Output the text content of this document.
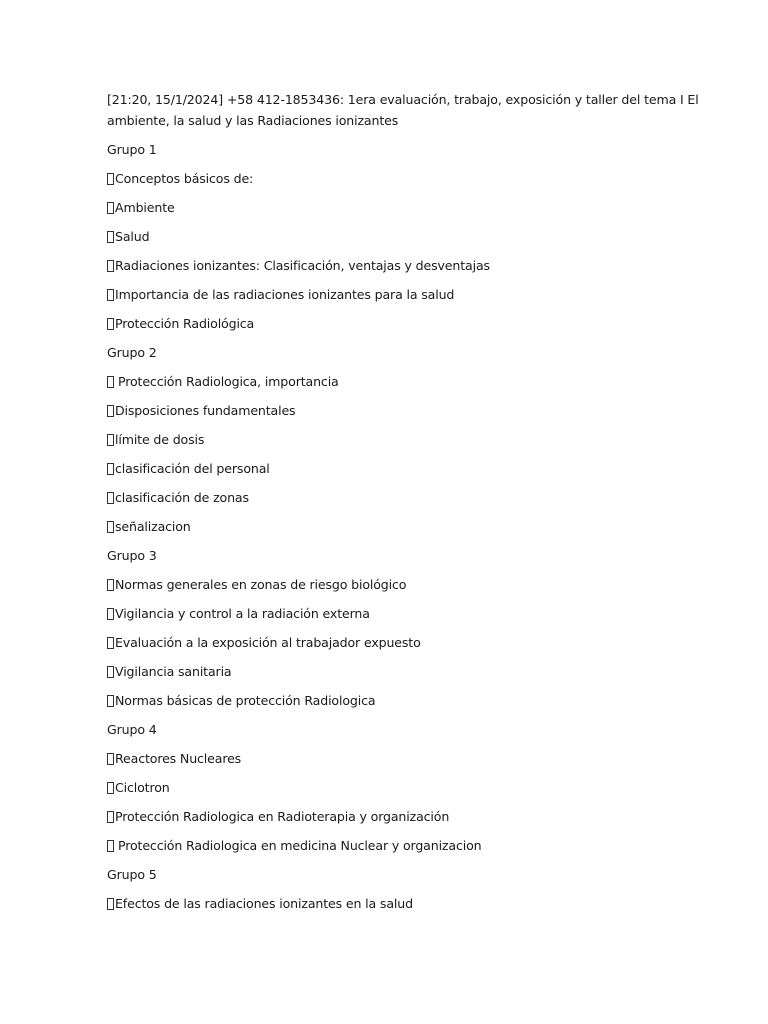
[21:20, 15/1/2024] +58 412-1853436: 1era evaluación, trabajo, exposición y taller del tema I El
ambiente, la salud y las Radiaciones ionizantes
Grupo 1
Conceptos básicos de:
Ambiente
Salud
Radiaciones ionizantes: Clasificación, ventajas y desventajas
Importancia de las radiaciones ionizantes para la salud
Protección Radiológica
Grupo 2
Protección Radiologica, importancia
Disposiciones fundamentales
límite de dosis
clasificación del personal
clasificación de zonas
señalizacion
Grupo 3
Normas generales en zonas de riesgo biológico
Vigilancia y control a la radiación externa
Evaluación a la exposición al trabajador expuesto
Vigilancia sanitaria
Normas básicas de protección Radiologica
Grupo 4
Reactores Nucleares
Ciclotron
Protección Radiologica en Radioterapia y organización
Protección Radiologica en medicina Nuclear y organizacion
Grupo 5
Efectos de las radiaciones ionizantes en la salud
